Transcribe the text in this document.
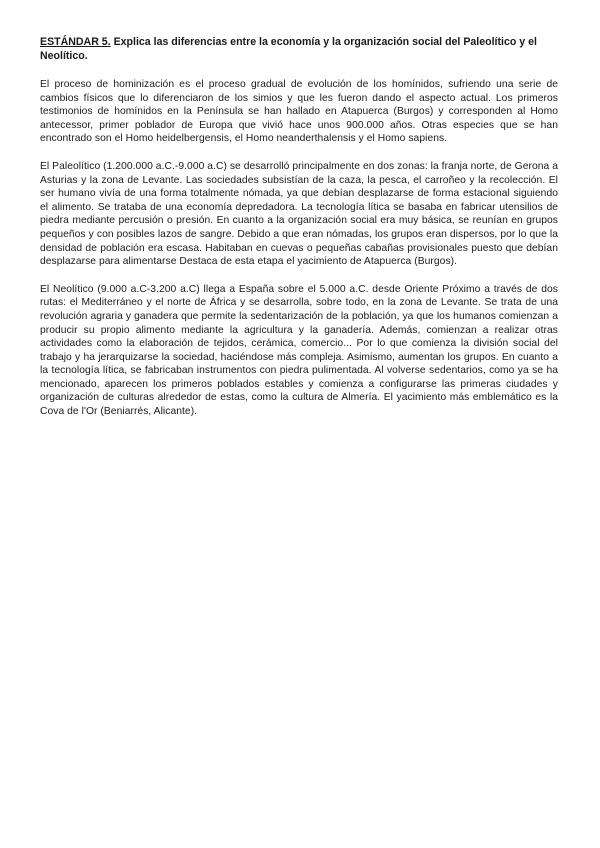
ESTÁNDAR 5. Explica las diferencias entre la economía y la organización social del Paleolítico y el Neolítico.

El proceso de hominización es el proceso gradual de evolución de los homínidos, sufriendo una serie de cambios físicos que lo diferenciaron de los simios y que les fueron dando el aspecto actual. Los primeros testimonios de homínidos en la Península se han hallado en Atapuerca (Burgos) y corresponden al Homo antecessor, primer poblador de Europa que vivió hace unos 900.000 años. Otras especies que se han encontrado son el Homo heidelbergensis, el Homo neanderthalensis y el Homo sapiens.

El Paleolítico (1.200.000 a.C.-9.000 a.C) se desarrolló principalmente en dos zonas: la franja norte, de Gerona a Asturias y la zona de Levante. Las sociedades subsistían de la caza, la pesca, el carroñeo y la recolección. El ser humano vivía de una forma totalmente nómada, ya que debían desplazarse de forma estacional siguiendo el alimento. Se trataba de una economía depredadora. La tecnología lítica se basaba en fabricar utensilios de piedra mediante percusión o presión. En cuanto a la organización social era muy básica, se reunían en grupos pequeños y con posibles lazos de sangre. Debido a que eran nómadas, los grupos eran dispersos, por lo que la densidad de población era escasa. Habitaban en cuevas o pequeñas cabañas provisionales puesto que debían desplazarse para alimentarse Destaca de esta etapa el yacimiento de Atapuerca (Burgos).

El Neolítico (9.000 a.C-3.200 a.C) llega a España sobre el 5.000 a.C. desde Oriente Próximo a través de dos rutas: el Mediterráneo y el norte de África y se desarrolla, sobre todo, en la zona de Levante. Se trata de una revolución agraria y ganadera que permite la sedentarización de la población, ya que los humanos comienzan a producir su propio alimento mediante la agricultura y la ganadería. Además, comienzan a realizar otras actividades como la elaboración de tejidos, cerámica, comercio... Por lo que comienza la división social del trabajo y ha jerarquizarse la sociedad, haciéndose más compleja. Asimismo, aumentan los grupos. En cuanto a la tecnología lítica, se fabricaban instrumentos con piedra pulimentada. Al volverse sedentarios, como ya se ha mencionado, aparecen los primeros poblados estables y comienza a configurarse las primeras ciudades y organización de culturas alrededor de estas, como la cultura de Almería. El yacimiento más emblemático es la Cova de l'Or (Beniarrés, Alicante).
